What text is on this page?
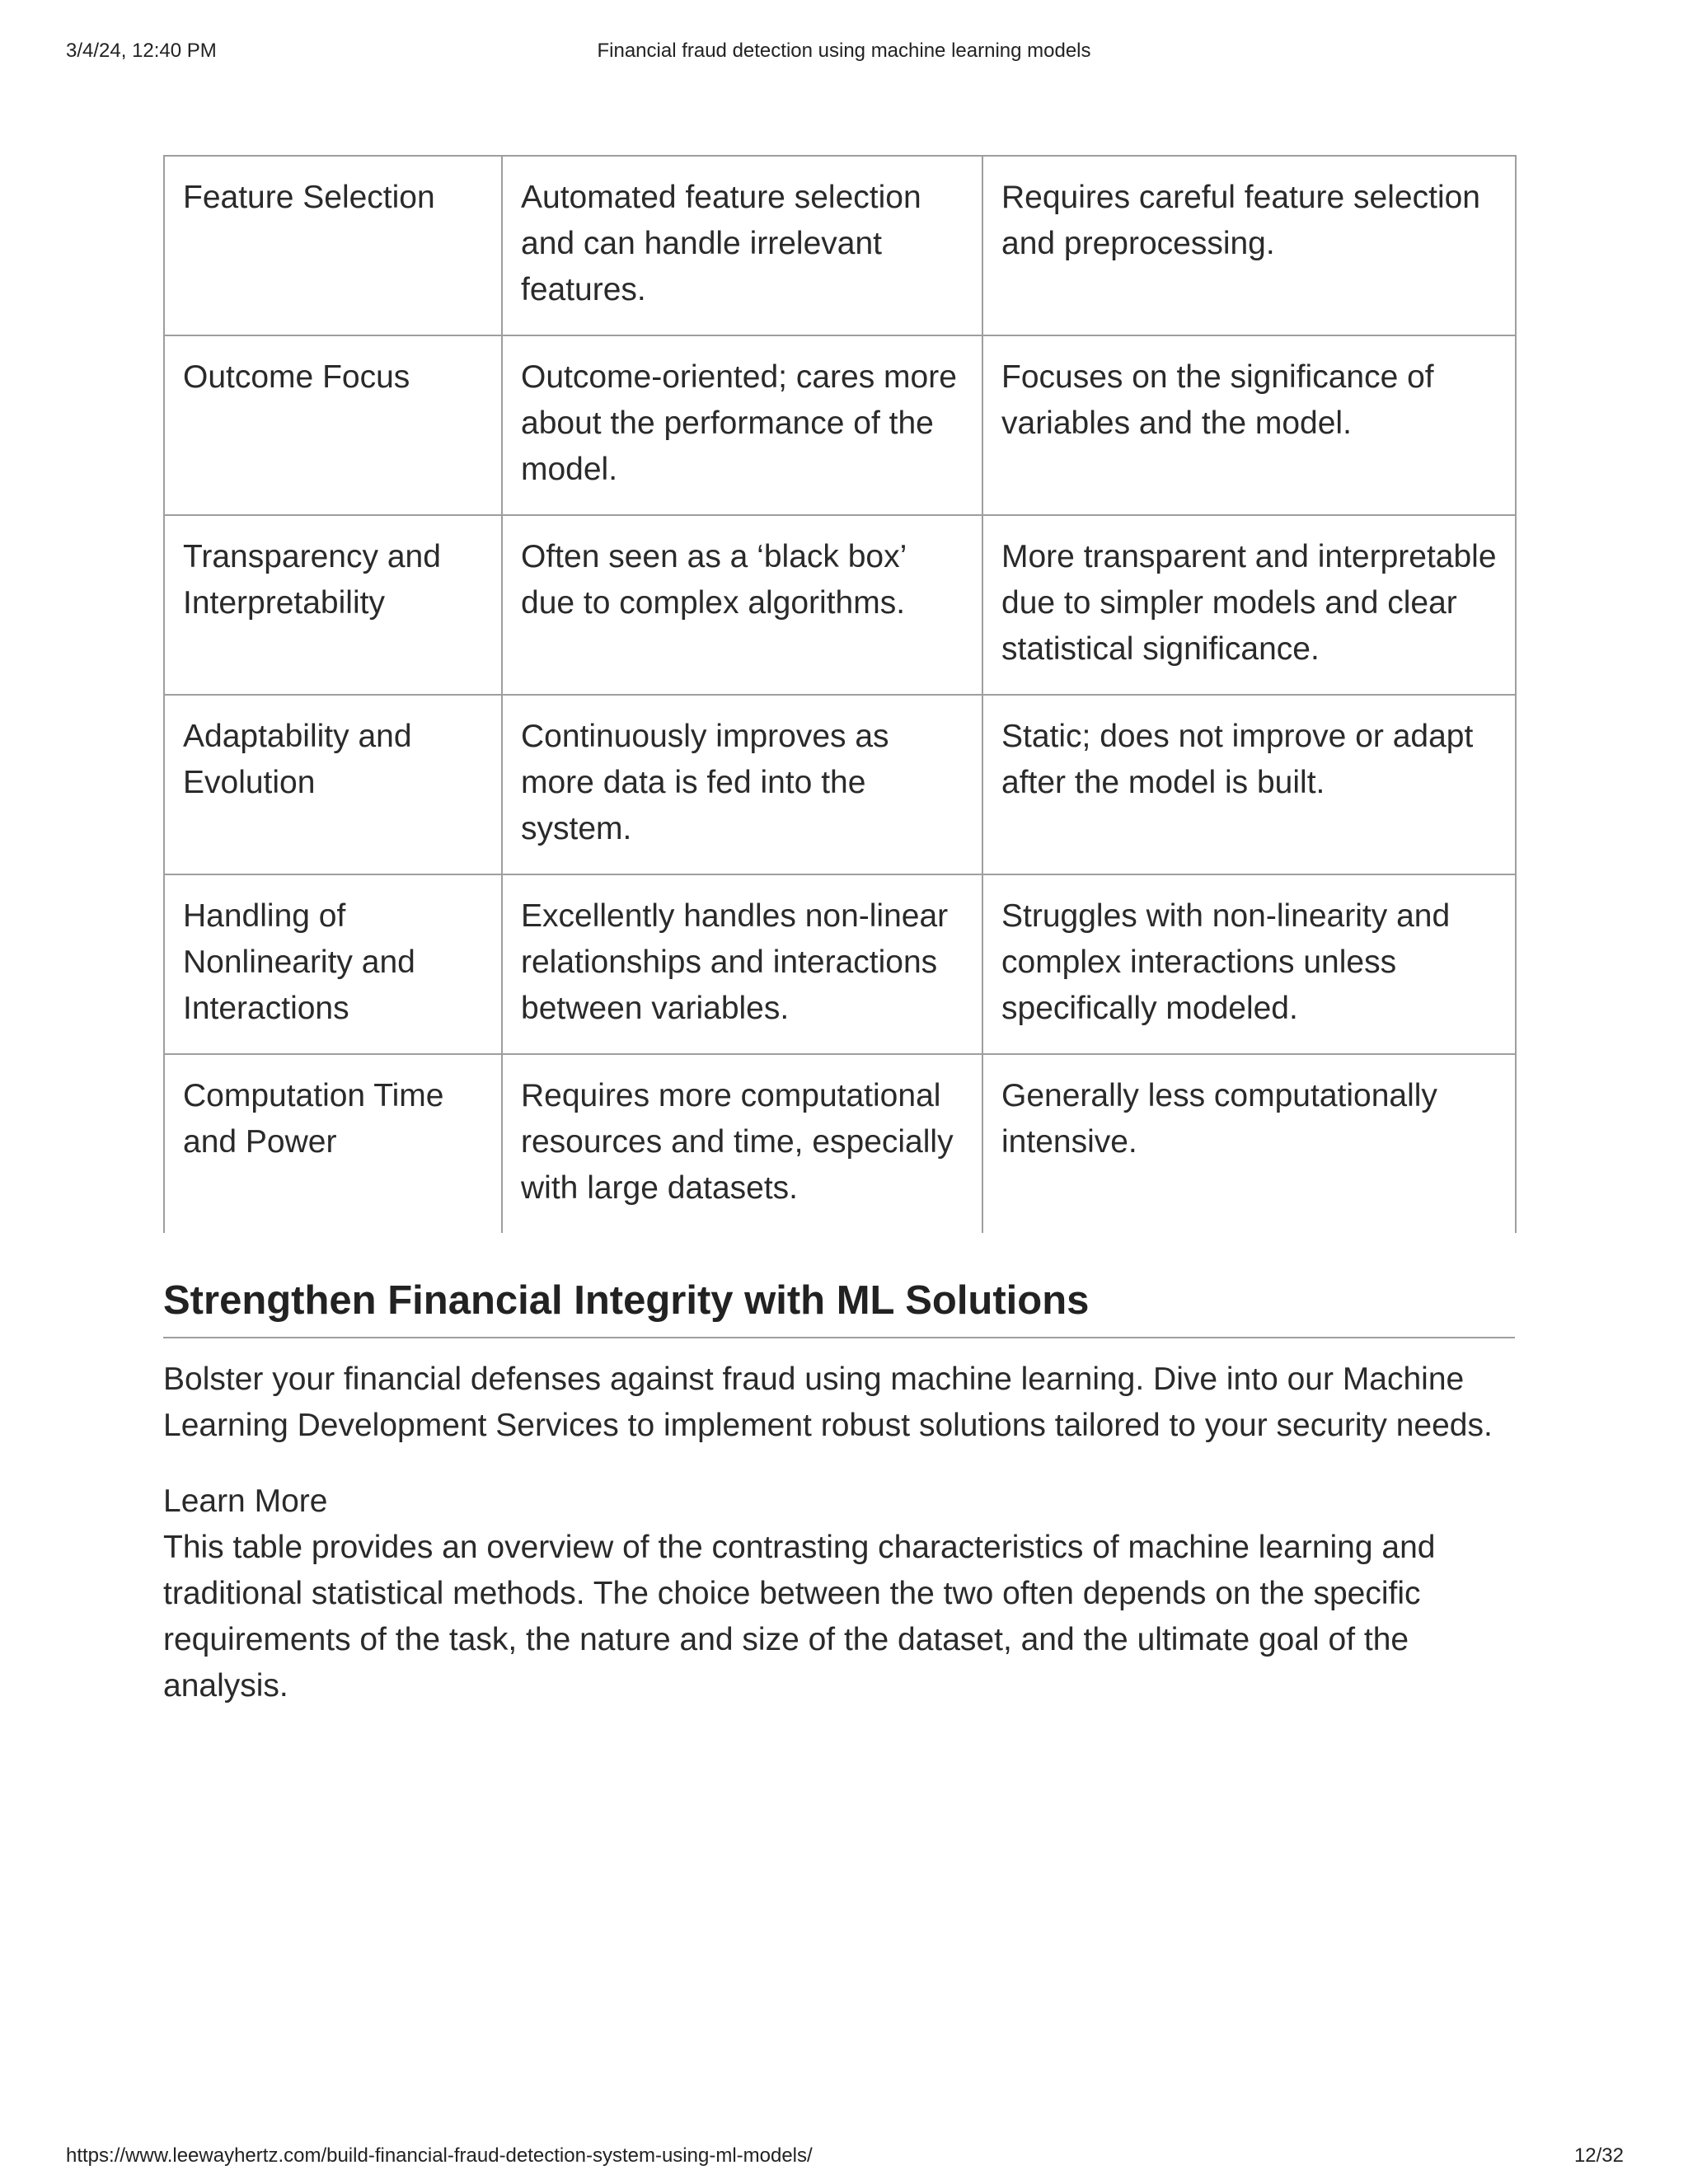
3/4/24, 12:40 PM	Financial fraud detection using machine learning models
Feature Selection	Automated feature selection and can handle irrelevant features.	Requires careful feature selection and preprocessing.
Outcome Focus	Outcome-oriented; cares more about the performance of the model.	Focuses on the significance of variables and the model.
Transparency and Interpretability	Often seen as a ‘black box’ due to complex algorithms.	More transparent and interpretable due to simpler models and clear statistical significance.
Adaptability and Evolution	Continuously improves as more data is fed into the system.	Static; does not improve or adapt after the model is built.
Handling of Nonlinearity and Interactions	Excellently handles non-linear relationships and interactions between variables.	Struggles with non-linearity and complex interactions unless specifically modeled.
Computation Time and Power	Requires more computational resources and time, especially with large datasets.	Generally less computationally intensive.
Strengthen Financial Integrity with ML Solutions

Bolster your financial defenses against fraud using machine learning. Dive into our Machine Learning Development Services to implement robust solutions tailored to your security needs.

Learn More

This table provides an overview of the contrasting characteristics of machine learning and traditional statistical methods. The choice between the two often depends on the specific requirements of the task, the nature and size of the dataset, and the ultimate goal of the analysis.

https://www.leewayhertz.com/build-financial-fraud-detection-system-using-ml-models/	12/32
